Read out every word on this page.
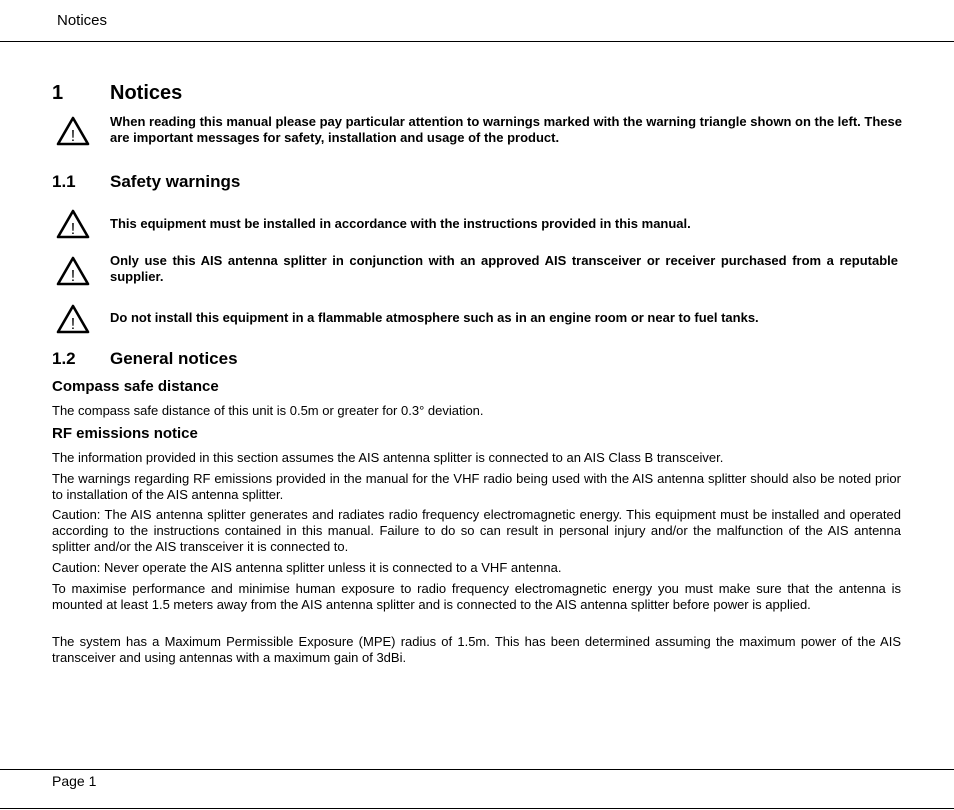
Notices
1 Notices
!
When reading this manual please pay particular attention to warnings marked with the warning triangle shown on the left. These are important messages for safety, installation and usage of the product.
1.1 Safety warnings
!	This equipment must be installed in accordance with the instructions provided in this manual.
!
Only use this AIS antenna splitter in conjunction with an approved AIS transceiver or receiver purchased from a reputable supplier.
!	Do not install this equipment in a flammable atmosphere such as in an engine room or near to fuel tanks.
1.2 General notices
Compass safe distance
The compass safe distance of this unit is 0.5m or greater for 0.3° deviation.
RF emissions notice
The information provided in this section assumes the AIS antenna splitter is connected to an AIS Class B transceiver.
The warnings regarding RF emissions provided in the manual for the VHF radio being used with the AIS antenna splitter should also be noted prior to installation of the AIS antenna splitter.
Caution: The AIS antenna splitter generates and radiates radio frequency electromagnetic energy. This equipment must be installed and operated according to the instructions contained in this manual. Failure to do so can result in personal injury and/or the malfunction of the AIS antenna splitter and/or the AIS transceiver it is connected to.
Caution: Never operate the AIS antenna splitter unless it is connected to a VHF antenna.
To maximise performance and minimise human exposure to radio frequency electromagnetic energy you must make sure that the antenna is mounted at least 1.5 meters away from the AIS antenna splitter and is connected to the AIS antenna splitter before power is applied.
The system has a Maximum Permissible Exposure (MPE) radius of 1.5m. This has been determined assuming the maximum power of the AIS transceiver and using antennas with a maximum gain of 3dBi.
Page 1
